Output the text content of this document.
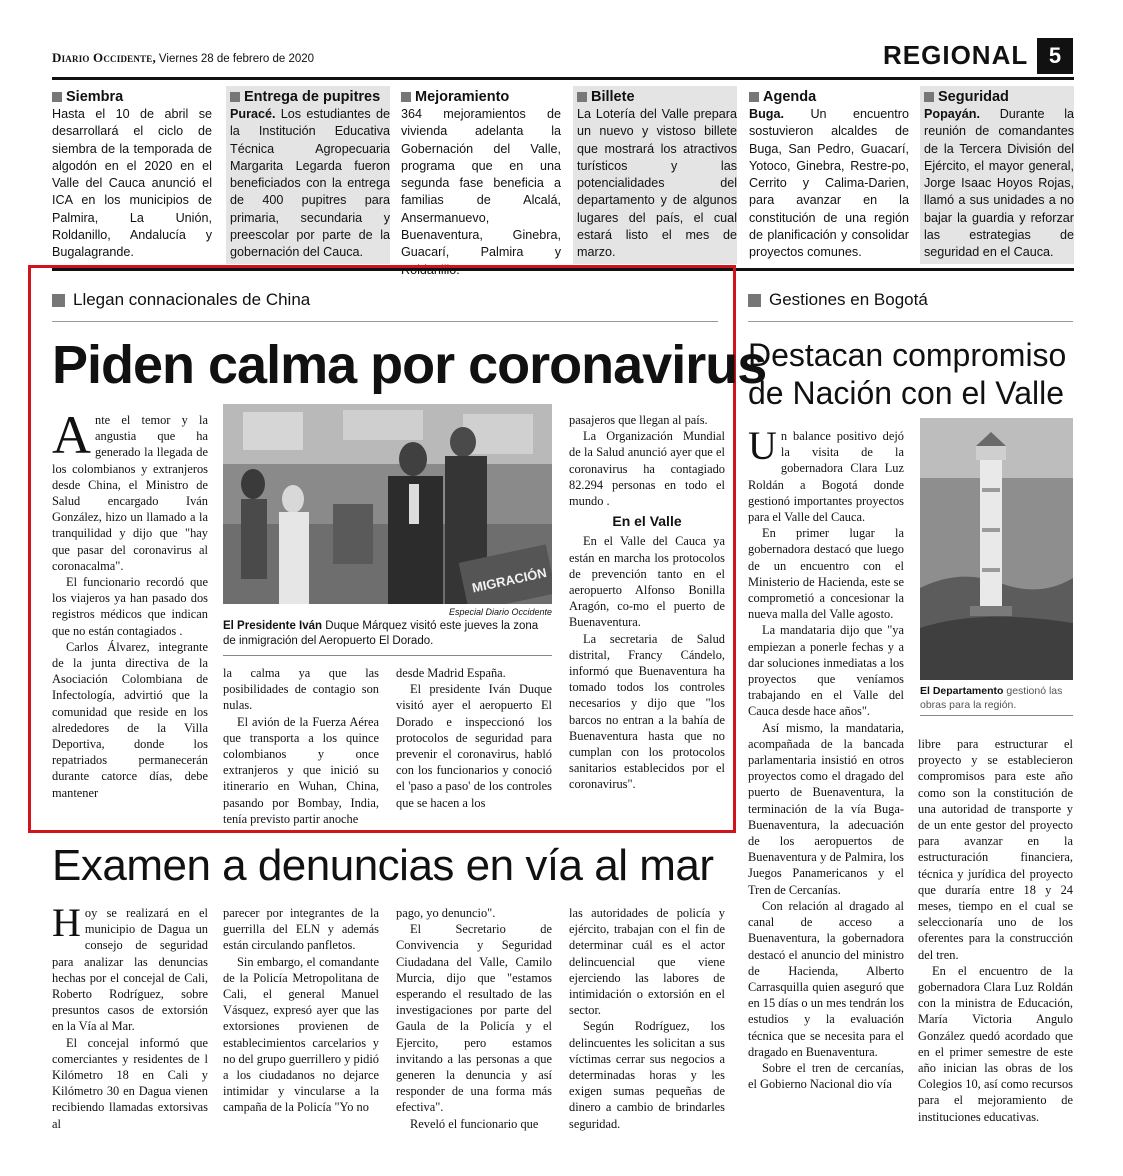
Diario Occidente, Viernes 28 de febrero de 2020	REGIONAL 5
Siembra

Hasta el 10 de abril se desarrollará el ciclo de siembra de la temporada de algodón en el 2020 en el Valle del Cauca anunció el ICA en los municipios de Palmira, La Unión, Roldanillo, Andalucía y Bugalagrande.

Entrega de pupitres

Puracé. Los estudiantes de la Institución Educativa Técnica Agropecuaria Margarita Legarda fueron beneficiados con la entrega de 400 pupitres para primaria, secundaria y preescolar por parte de la gobernación del Cauca.

Mejoramiento

364 mejoramientos de vivienda adelanta la Gobernación del Valle, programa que en una segunda fase beneficia a familias de Alcalá, Ansermanuevo, Buenaventura, Ginebra, Guacarí, Palmira y

Billete

La Lotería del Valle prepara un nuevo y vistoso billete que mostrará los atractivos turísticos y las potencialidades del departamento y de algunos lugares del país, el cual estará listo el mes de marzo.

Agenda

Buga. Un encuentro sostuvieron alcaldes de Buga, San Pedro, Guacarí, Yotoco, Ginebra, Restre-po, Cerrito y Calima-Darien, para avanzar en la constitución de una región de planificación y consolidar proyectos comunes.

Seguridad

Popayán. Durante la reunión de comandantes de la Tercera División del Ejército, el mayor general, Jorge Isaac Hoyos Rojas, llamó a sus unidades a no bajar la guardia y reforzar las estrategias de seguridad en el Cauca.

Llegan connacionales de China
Piden calma por coronavirus

Ante el temor y la angustia que ha generado la llegada de los colombianos y extranjeros desde China, el Ministro de Salud encargado Iván González, hizo un llamado a la tranquilidad y dijo que "hay que pasar del coronavirus al coronacalma".

El funcionario recordó que los viajeros ya han pasado dos registros médicos que indican que no están contagiados .

Carlos Álvarez, integrante de la junta directiva de la Asociación Colombiana de Infectología, advirtió que la comunidad que reside en los alrededores de la Villa Deportiva, donde los repatriados permanecerán durante catorce días, debe mantener

MIGRACIÓN
Especial Diario Occidente
El Presidente Iván Duque Márquez visitó este jueves la zona de inmigración del Aeropuerto El Dorado.

la calma ya que las posibilidades de contagio son nulas.

El avión de la Fuerza Aérea que transporta a los quince colombianos y once extranjeros y que inició su itinerario en Wuhan, China, pasando por Bombay, India, tenía previsto partir anoche

desde Madrid España.

El presidente Iván Duque visitó ayer el aeropuerto El Dorado e inspeccionó los protocolos de seguridad para prevenir el coronavirus, habló con los funcionarios y conoció el 'paso a paso' de los controles que se hacen a los

pasajeros que llegan al país.

La Organización Mundial de la Salud anunció ayer que el coronavirus ha contagiado 82.294 personas en todo el mundo .

En el Valle

En el Valle del Cauca ya están en marcha los protocolos de prevención tanto en el aeropuerto Alfonso Bonilla Aragón, co-mo el puerto de Buenaventura.

La secretaria de Salud distrital, Francy Cándelo, informó que Buenaventura ha tomado todos los controles necesarios y dijo que "los barcos no entran a la bahía de Buenaventura hasta que no cumplan con los protocolos sanitarios establecidos por el coronavirus".

Gestiones en Bogotá
Destacan compromiso de Nación con el Valle

Un balance positivo dejó la visita de la gobernadora Clara Luz Roldán a Bogotá donde gestionó importantes proyectos para el Valle del Cauca.

En primer lugar la gobernadora destacó que luego de un encuentro con el Ministerio de Hacienda, este se comprometió a concesionar la nueva malla del Valle agosto.

La mandataria dijo que "ya empiezan a ponerle fechas y a dar soluciones inmediatas a los proyectos que veníamos trabajando en el Valle del Cauca desde hace años".

Así mismo, la mandataria, acompañada de la bancada parlamentaria insistió en otros proyectos como el dragado del puerto de Buenaventura, la terminación de la vía Buga- Buenaventura, la adecuación de los aeropuertos de Buenaventura y de Palmira, los Juegos Panamericanos y el Tren de Cercanías.

Con relación al dragado al canal de acceso a Buenaventura, la gobernadora destacó el anuncio del ministro de Hacienda, Alberto Carrasquilla quien aseguró que en 15 días o un mes tendrán los estudios y la evaluación técnica que se necesita para el dragado en Buenaventura.

Sobre el tren de cercanías, el Gobierno Nacional dio vía

El Departamento gestionó las obras para la región.

libre para estructurar el proyecto y se establecieron compromisos para este año como son la constitución de una autoridad de transporte y de un ente gestor del proyecto para avanzar en la estructuración financiera, técnica y jurídica del proyecto que duraría entre 18 y 24 meses, tiempo en el cual se seleccionaría uno de los oferentes para la construcción del tren.

En el encuentro de la gobernadora Clara Luz Roldán con la ministra de Educación, María Victoria Angulo González quedó acordado que en el primer semestre de este año inician las obras de los Colegios 10, así como recursos para el mejoramiento de instituciones educativas.

Examen a denuncias en vía al mar

Hoy se realizará en el municipio de Dagua un consejo de seguridad para analizar las denuncias hechas por el concejal de Cali, Roberto Rodríguez, sobre presuntos casos de extorsión en la Vía al Mar.

El concejal informó que comerciantes y residentes de l Kilómetro 18 en Cali y Kilómetro 30 en Dagua vienen recibiendo llamadas extorsivas al

parecer por integrantes de la guerrilla del ELN y además están circulando panfletos.

Sin embargo, el comandante de la Policía Metropolitana de Cali, el general Manuel Vásquez, expresó ayer que las extorsiones provienen de establecimientos carcelarios y no del grupo guerrillero y pidió a los ciudadanos no dejarce intimidar y vincularse a la campaña de la Policía "Yo no

pago, yo denuncio".

El Secretario de Convivencia y Seguridad Ciudadana del Valle, Camilo Murcia, dijo que "estamos esperando el resultado de las investigaciones por parte del Gaula de la Policía y el Ejercito, pero estamos invitando a las personas a que generen la denuncia y así responder de una forma más efectiva".

Reveló el funcionario que

las autoridades de policía y ejército, trabajan con el fin de determinar cuál es el actor delincuencial que viene ejerciendo las labores de intimidación o extorsión en el sector.

Según Rodríguez, los delincuentes les solicitan a sus víctimas cerrar sus negocios a determinadas horas y les exigen sumas pequeñas de dinero a cambio de brindarles seguridad.
